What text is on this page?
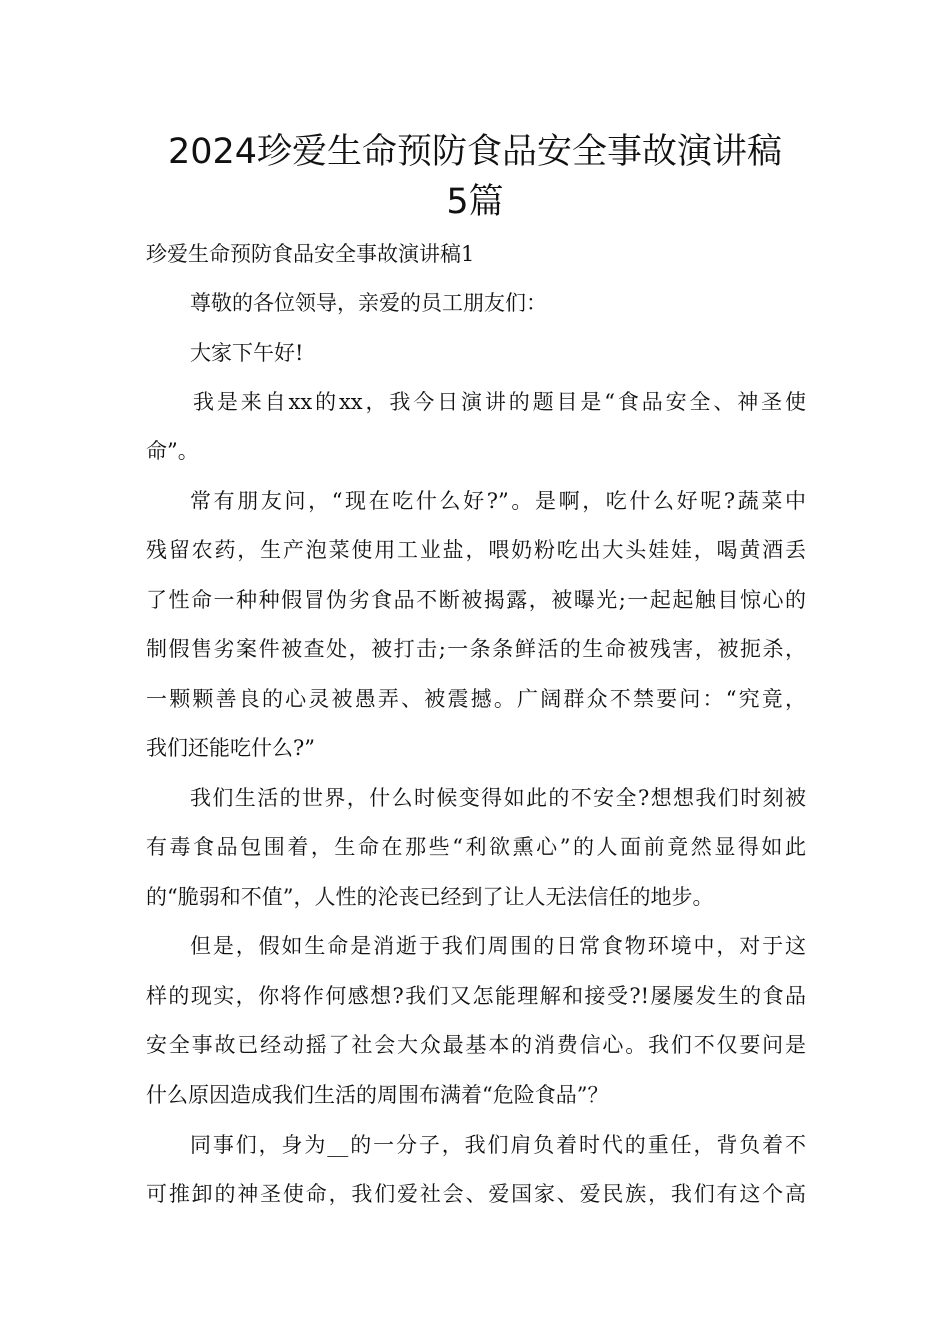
2024珍爱生命预防食品安全事故演讲稿
5篇
珍爱生命预防食品安全事故演讲稿1
尊敬的各位领导，亲爱的员工朋友们：
大家下午好!
我是来自xx的xx，我今日演讲的题目是“食品安全、神圣使
命”。
常有朋友问，“现在吃什么好?”。是啊，吃什么好呢?蔬菜中
残留农药，生产泡菜使用工业盐，喂奶粉吃出大头娃娃，喝黄酒丢
了性命一种种假冒伪劣食品不断被揭露，被曝光;一起起触目惊心的
制假售劣案件被查处，被打击;一条条鲜活的生命被残害，被扼杀，
一颗颗善良的心灵被愚弄、被震撼。广阔群众不禁要问：“究竟，
我们还能吃什么?”
我们生活的世界，什么时候变得如此的不安全?想想我们时刻被
有毒食品包围着，生命在那些“利欲熏心”的人面前竟然显得如此
的“脆弱和不值”，人性的沦丧已经到了让人无法信任的地步。
但是，假如生命是消逝于我们周围的日常食物环境中，对于这
样的现实，你将作何感想?我们又怎能理解和接受?!屡屡发生的食品
安全事故已经动摇了社会大众最基本的消费信心。我们不仅要问是
什么原因造成我们生活的周围布满着“危险食品”？
同事们，身为__的一分子，我们肩负着时代的重任，背负着不
可推卸的神圣使命，我们爱社会、爱国家、爱民族，我们有这个高
